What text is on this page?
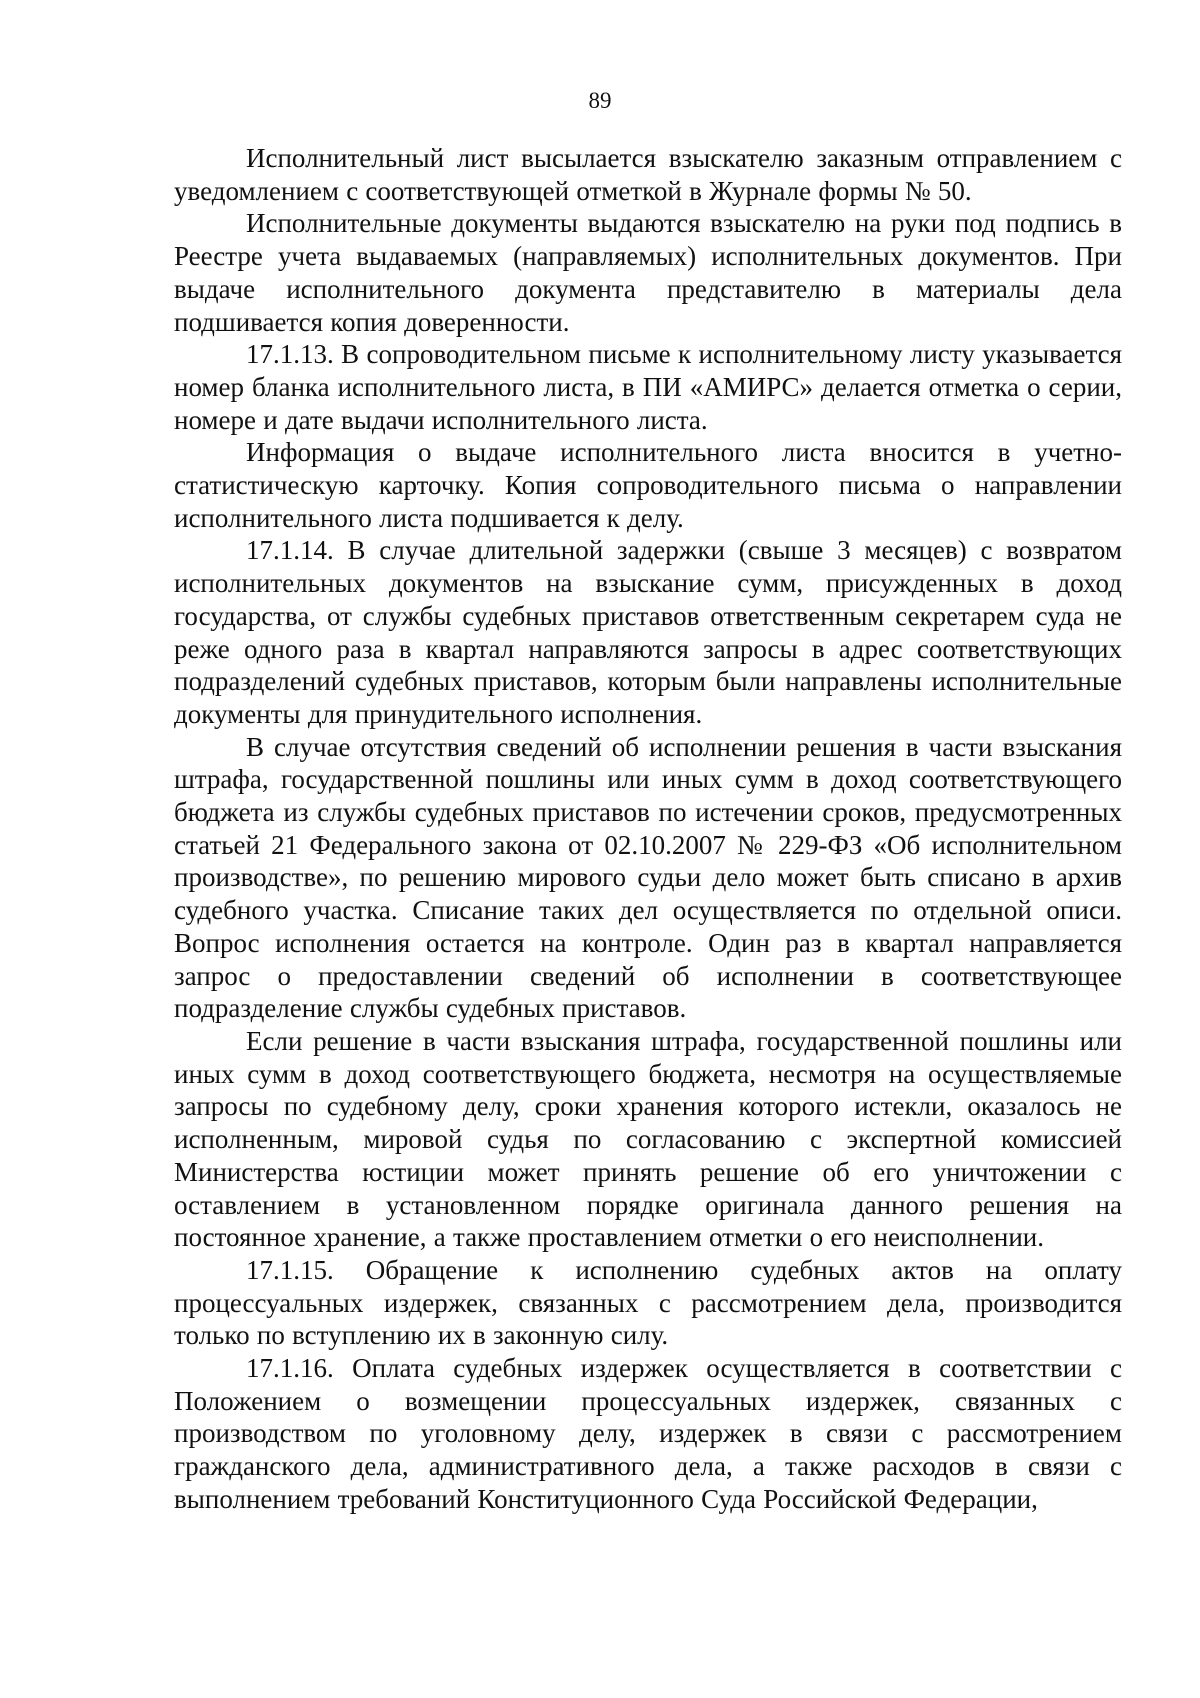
89

Исполнительный лист высылается взыскателю заказным отправлением с уведомлением с соответствующей отметкой в Журнале формы № 50.

Исполнительные документы выдаются взыскателю на руки под подпись в Реестре учета выдаваемых (направляемых) исполнительных документов. При выдаче исполнительного документа представителю в материалы дела подшивается копия доверенности.

17.1.13. В сопроводительном письме к исполнительному листу указывается номер бланка исполнительного листа, в ПИ «АМИРС» делается отметка о серии, номере и дате выдачи исполнительного листа.

Информация о выдаче исполнительного листа вносится в учетно-статистическую карточку. Копия сопроводительного письма о направлении исполнительного листа подшивается к делу.

17.1.14. В случае длительной задержки (свыше 3 месяцев) с возвратом исполнительных документов на взыскание сумм, присужденных в доход государства, от службы судебных приставов ответственным секретарем суда не реже одного раза в квартал направляются запросы в адрес соответствующих подразделений судебных приставов, которым были направлены исполнительные документы для принудительного исполнения.

В случае отсутствия сведений об исполнении решения в части взыскания штрафа, государственной пошлины или иных сумм в доход соответствующего бюджета из службы судебных приставов по истечении сроков, предусмотренных статьей 21 Федерального закона от 02.10.2007 № 229-ФЗ «Об исполнительном производстве», по решению мирового судьи дело может быть списано в архив судебного участка. Списание таких дел осуществляется по отдельной описи. Вопрос исполнения остается на контроле. Один раз в квартал направляется запрос о предоставлении сведений об исполнении в соответствующее подразделение службы судебных приставов.

Если решение в части взыскания штрафа, государственной пошлины или иных сумм в доход соответствующего бюджета, несмотря на осуществляемые запросы по судебному делу, сроки хранения которого истекли, оказалось не исполненным, мировой судья по согласованию с экспертной комиссией Министерства юстиции может принять решение об его уничтожении с оставлением в установленном порядке оригинала данного решения на постоянное хранение, а также проставлением отметки о его неисполнении.

17.1.15. Обращение к исполнению судебных актов на оплату процессуальных издержек, связанных с рассмотрением дела, производится только по вступлению их в законную силу.

17.1.16. Оплата судебных издержек осуществляется в соответствии с Положением о возмещении процессуальных издержек, связанных с производством по уголовному делу, издержек в связи с рассмотрением гражданского дела, административного дела, а также расходов в связи с выполнением требований Конституционного Суда Российской Федерации,
